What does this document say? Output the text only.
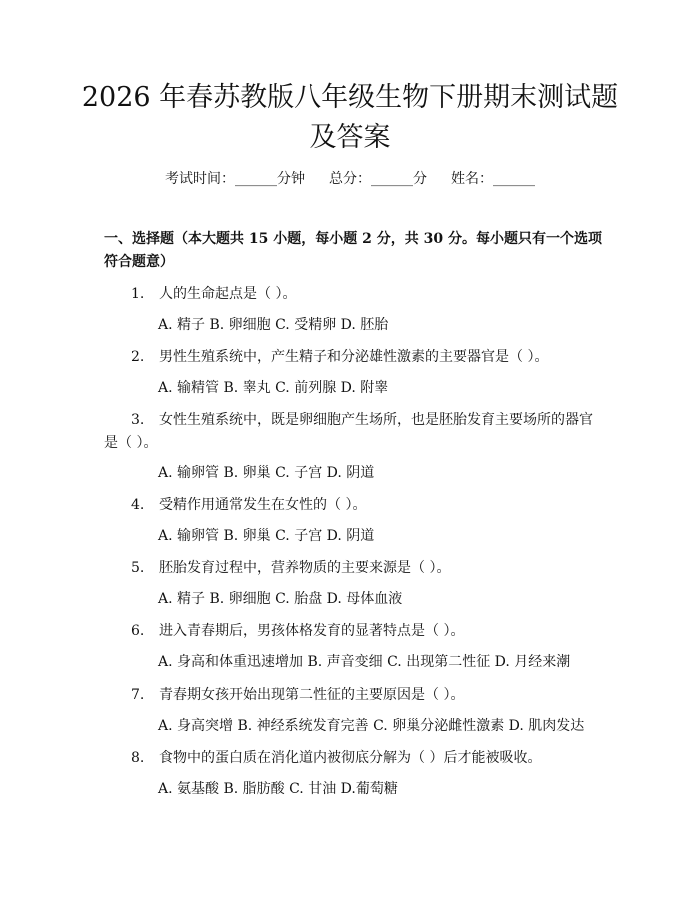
2026 年春苏教版八年级生物下册期末测试题
及答案
考试时间：______分钟 总分：______分 姓名：______
一、选择题（本大题共 15 小题，每小题 2 分，共 30 分。每小题只有一个选项符合题意）
1. 人的生命起点是（ ）。
A. 精子 B. 卵细胞 C. 受精卵 D. 胚胎
2. 男性生殖系统中，产生精子和分泌雄性激素的主要器官是（ ）。
A. 输精管 B. 睾丸 C. 前列腺 D. 附睾
3. 女性生殖系统中，既是卵细胞产生场所，也是胚胎发育主要场所的器官是（ ）。
A. 输卵管 B. 卵巢 C. 子宫 D. 阴道
4. 受精作用通常发生在女性的（ ）。
A. 输卵管 B. 卵巢 C. 子宫 D. 阴道
5. 胚胎发育过程中，营养物质的主要来源是（ ）。
A. 精子 B. 卵细胞 C. 胎盘 D. 母体血液
6. 进入青春期后，男孩体格发育的显著特点是（ ）。
A. 身高和体重迅速增加 B. 声音变细 C. 出现第二性征 D. 月经来潮
7. 青春期女孩开始出现第二性征的主要原因是（ ）。
A. 身高突增 B. 神经系统发育完善 C. 卵巢分泌雌性激素 D. 肌肉发达
8. 食物中的蛋白质在消化道内被彻底分解为（ ）后才能被吸收。
A. 氨基酸 B. 脂肪酸 C. 甘油 D.葡萄糖
